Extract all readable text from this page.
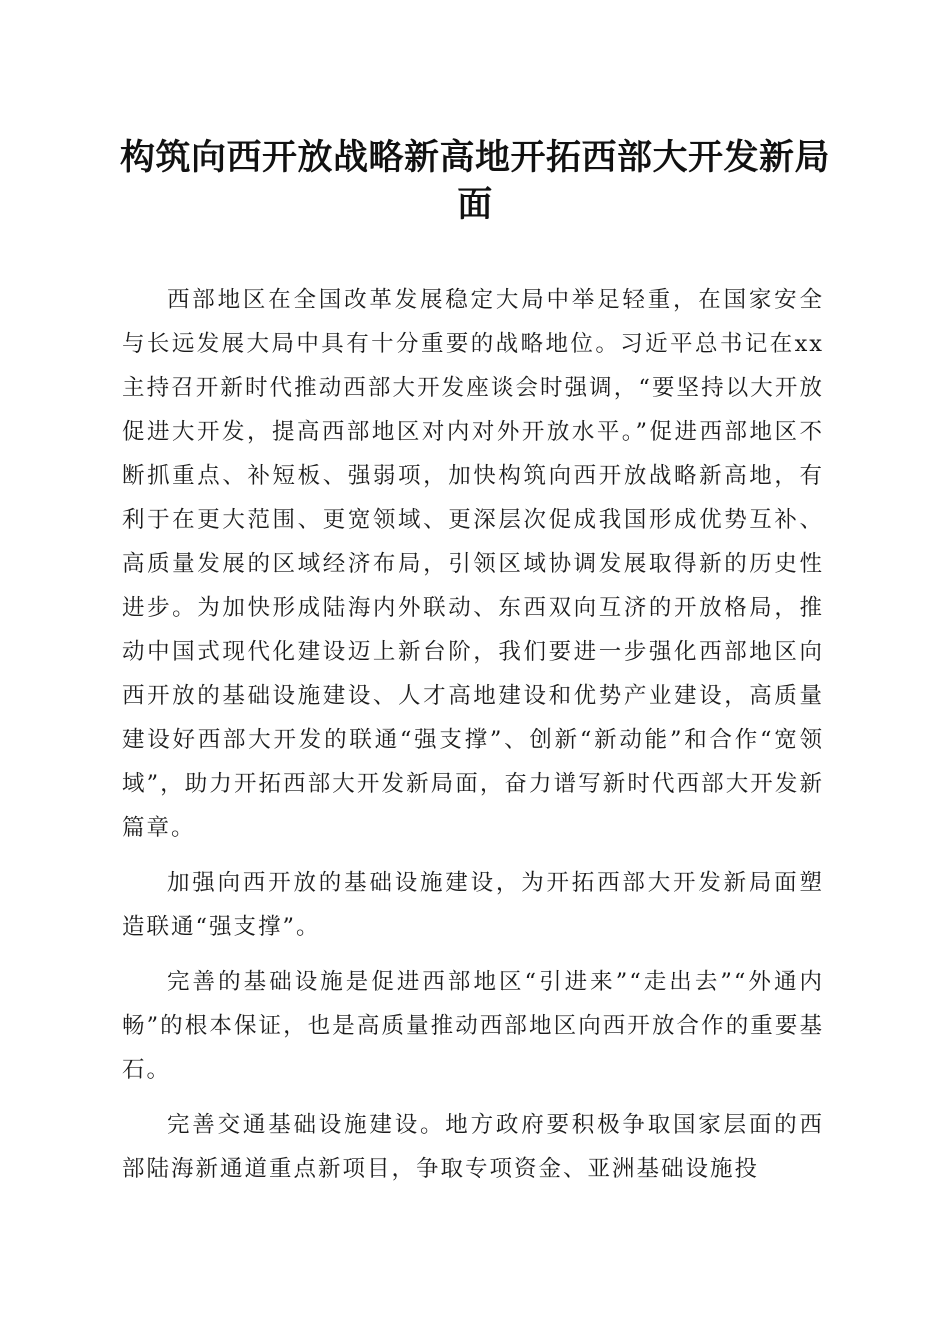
构筑向西开放战略新高地开拓西部大开发新局面

西部地区在全国改革发展稳定大局中举足轻重，在国家安全与长远发展大局中具有十分重要的战略地位。习近平总书记在xx主持召开新时代推动西部大开发座谈会时强调，“要坚持以大开放促进大开发，提高西部地区对内对外开放水平。”促进西部地区不断抓重点、补短板、强弱项，加快构筑向西开放战略新高地，有利于在更大范围、更宽领域、更深层次促成我国形成优势互补、高质量发展的区域经济布局，引领区域协调发展取得新的历史性进步。为加快形成陆海内外联动、东西双向互济的开放格局，推动中国式现代化建设迈上新台阶，我们要进一步强化西部地区向西开放的基础设施建设、人才高地建设和优势产业建设，高质量建设好西部大开发的联通“强支撑”、创新“新动能”和合作“宽领域”，助力开拓西部大开发新局面，奋力谱写新时代西部大开发新篇章。

加强向西开放的基础设施建设，为开拓西部大开发新局面塑造联通“强支撑”。

完善的基础设施是促进西部地区“引进来”“走出去”“外通内畅”的根本保证，也是高质量推动西部地区向西开放合作的重要基石。

完善交通基础设施建设。地方政府要积极争取国家层面的西部陆海新通道重点新项目，争取专项资金、亚洲基础设施投
